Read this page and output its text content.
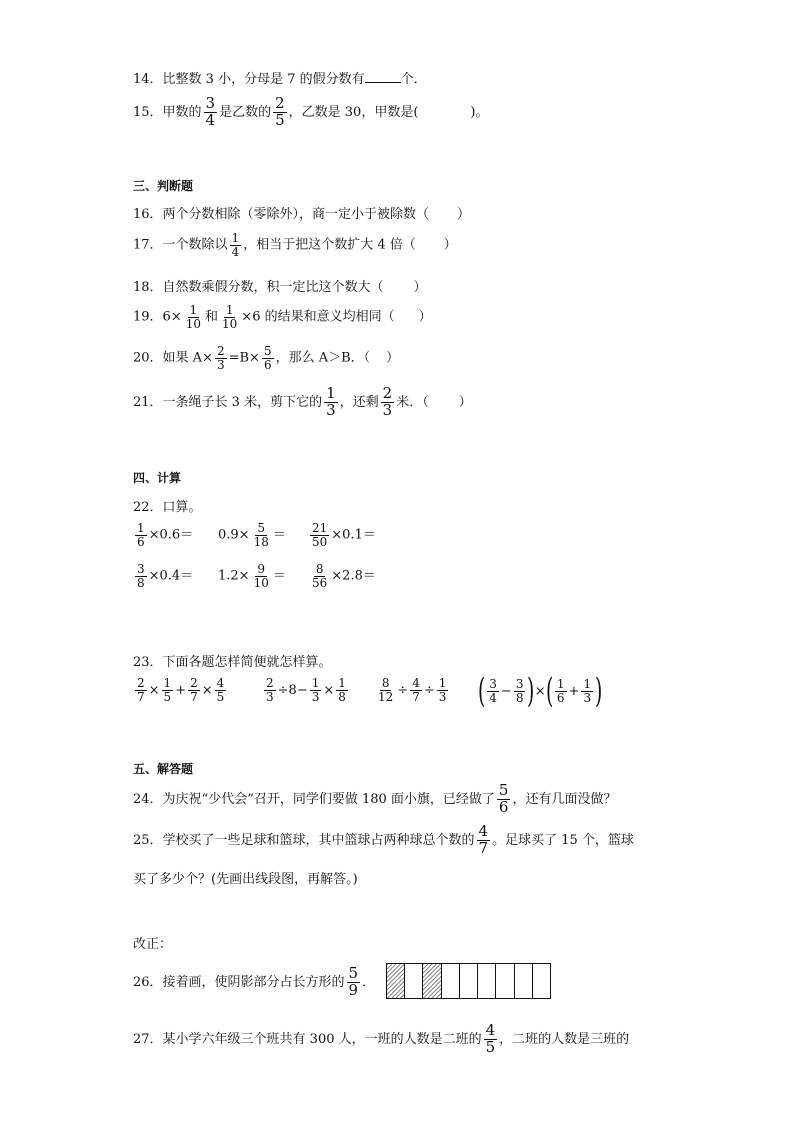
14．比整数 3 小，分母是 7 的假分数有	个．
15．甲数的 $\frac{3}{4}$ 是乙数的 $\frac{2}{5}$ ，乙数是 30，甲数是(	)。
三、判断题
16．两个分数相除（零除外），商一定小于被除数（ ）
17．一个数除以 $\frac{1}{4}$ ，相当于把这个数扩大 4 倍（ ）
18．自然数乘假分数，积一定比这个数大（ ）
19．$6\times \frac{1}{10}$ 和 $\frac{1}{10} \times 6$ 的结果和意义均相同（ ）
20．如果 $A\times \frac{2}{3} =B\times \frac{5}{6}$ ，那么 A＞B．（ ）
21．一条绳子长 3 米，剪下它的 $\frac{1}{3}$ ，还剩 $\frac{2}{3}$ 米．（ ）
四、计算
22．口算。
$\frac{1}{6} \times 0.6= 0.9\times \frac{5}{18} = \frac{21}{50} \times 0.1=$
$\frac{3}{8} \times 0.4= 1.2\times \frac{9}{10} = \frac{8}{56} \times 2.8=$
23．下面各题怎样简便就怎样算。
$\frac{2}{7} \times \frac{1}{5} + \frac{2}{7} \times \frac{4}{5}$	$\frac{2}{3} \div 8 - \frac{1}{3} \times \frac{1}{8} \frac{8}{12} \div \frac{4}{7} \div \frac{1}{3}$ ( $\frac{3}{4} - \frac{3}{8}$ ) × ( $\frac{1}{6} + \frac{1}{3}$ )
五、解答题
24．为庆祝“少代会”召开，同学们要做 180 面小旗，已经做了 $\frac{5}{6}$ ，还有几面没做？
25．学校买了一些足球和篮球，其中篮球占两种球总个数的 $\frac{4}{7}$ 。足球买了 15 个，篮球
买了多少个？(先画出线段图，再解答。)
改正：
26．接着画，使阴影部分占长方形的 $\frac{5}{9}$ ．
27．某小学六年级三个班共有 300 人，一班的人数是二班的 $\frac{4}{5}$ ，二班的人数是三班的
